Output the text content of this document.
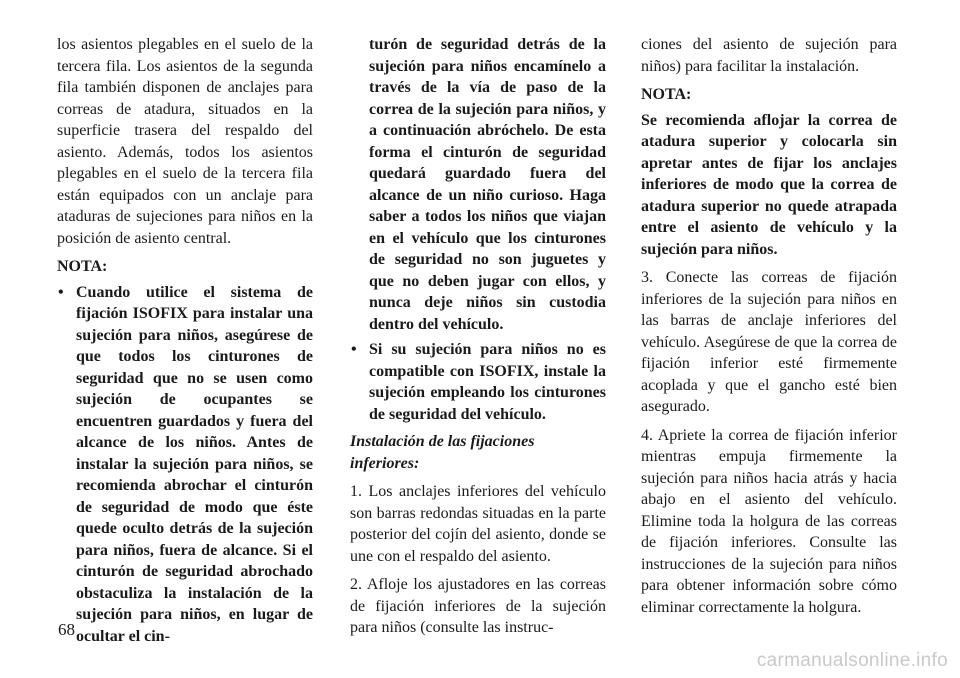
los asientos plegables en el suelo de la tercera fila. Los asientos de la segunda fila también disponen de anclajes para correas de atadura, situados en la superficie trasera del respaldo del asiento. Además, todos los asientos plegables en el suelo de la tercera fila están equipados con un anclaje para ataduras de sujeciones para niños en la posición de asiento central.

NOTA:

• Cuando utilice el sistema de fijación ISOFIX para instalar una sujeción para niños, asegúrese de que todos los cinturones de seguridad que no se usen como sujeción de ocupantes se encuentren guardados y fuera del alcance de los niños. Antes de instalar la sujeción para niños, se recomienda abrochar el cinturón de seguridad de modo que éste quede oculto detrás de la sujeción para niños, fuera de alcance. Si el cinturón de seguridad abrochado obstaculiza la instalación de la sujeción para niños, en lugar de ocultar el cin-

turón de seguridad detrás de la sujeción para niños encamínelo a través de la vía de paso de la correa de la sujeción para niños, y a continuación abróchelo. De esta forma el cinturón de seguridad quedará guardado fuera del alcance de un niño curioso. Haga saber a todos los niños que viajan en el vehículo que los cinturones de seguridad no son juguetes y que no deben jugar con ellos, y nunca deje niños sin custodia dentro del vehículo.

• Si su sujeción para niños no es compatible con ISOFIX, instale la sujeción empleando los cinturones de seguridad del vehículo.

Instalación de las fijaciones inferiores:

1. Los anclajes inferiores del vehículo son barras redondas situadas en la parte posterior del cojín del asiento, donde se une con el respaldo del asiento.

2. Afloje los ajustadores en las correas de fijación inferiores de la sujeción para niños (consulte las instruc-

ciones del asiento de sujeción para niños) para facilitar la instalación.

NOTA:

Se recomienda aflojar la correa de atadura superior y colocarla sin apretar antes de fijar los anclajes inferiores de modo que la correa de atadura superior no quede atrapada entre el asiento de vehículo y la sujeción para niños.

3. Conecte las correas de fijación inferiores de la sujeción para niños en las barras de anclaje inferiores del vehículo. Asegúrese de que la correa de fijación inferior esté firmemente acoplada y que el gancho esté bien asegurado.

4. Apriete la correa de fijación inferior mientras empuja firmemente la sujeción para niños hacia atrás y hacia abajo en el asiento del vehículo. Elimine toda la holgura de las correas de fijación inferiores. Consulte las instrucciones de la sujeción para niños para obtener información sobre cómo eliminar correctamente la holgura.

68
carmanualsonline.info
